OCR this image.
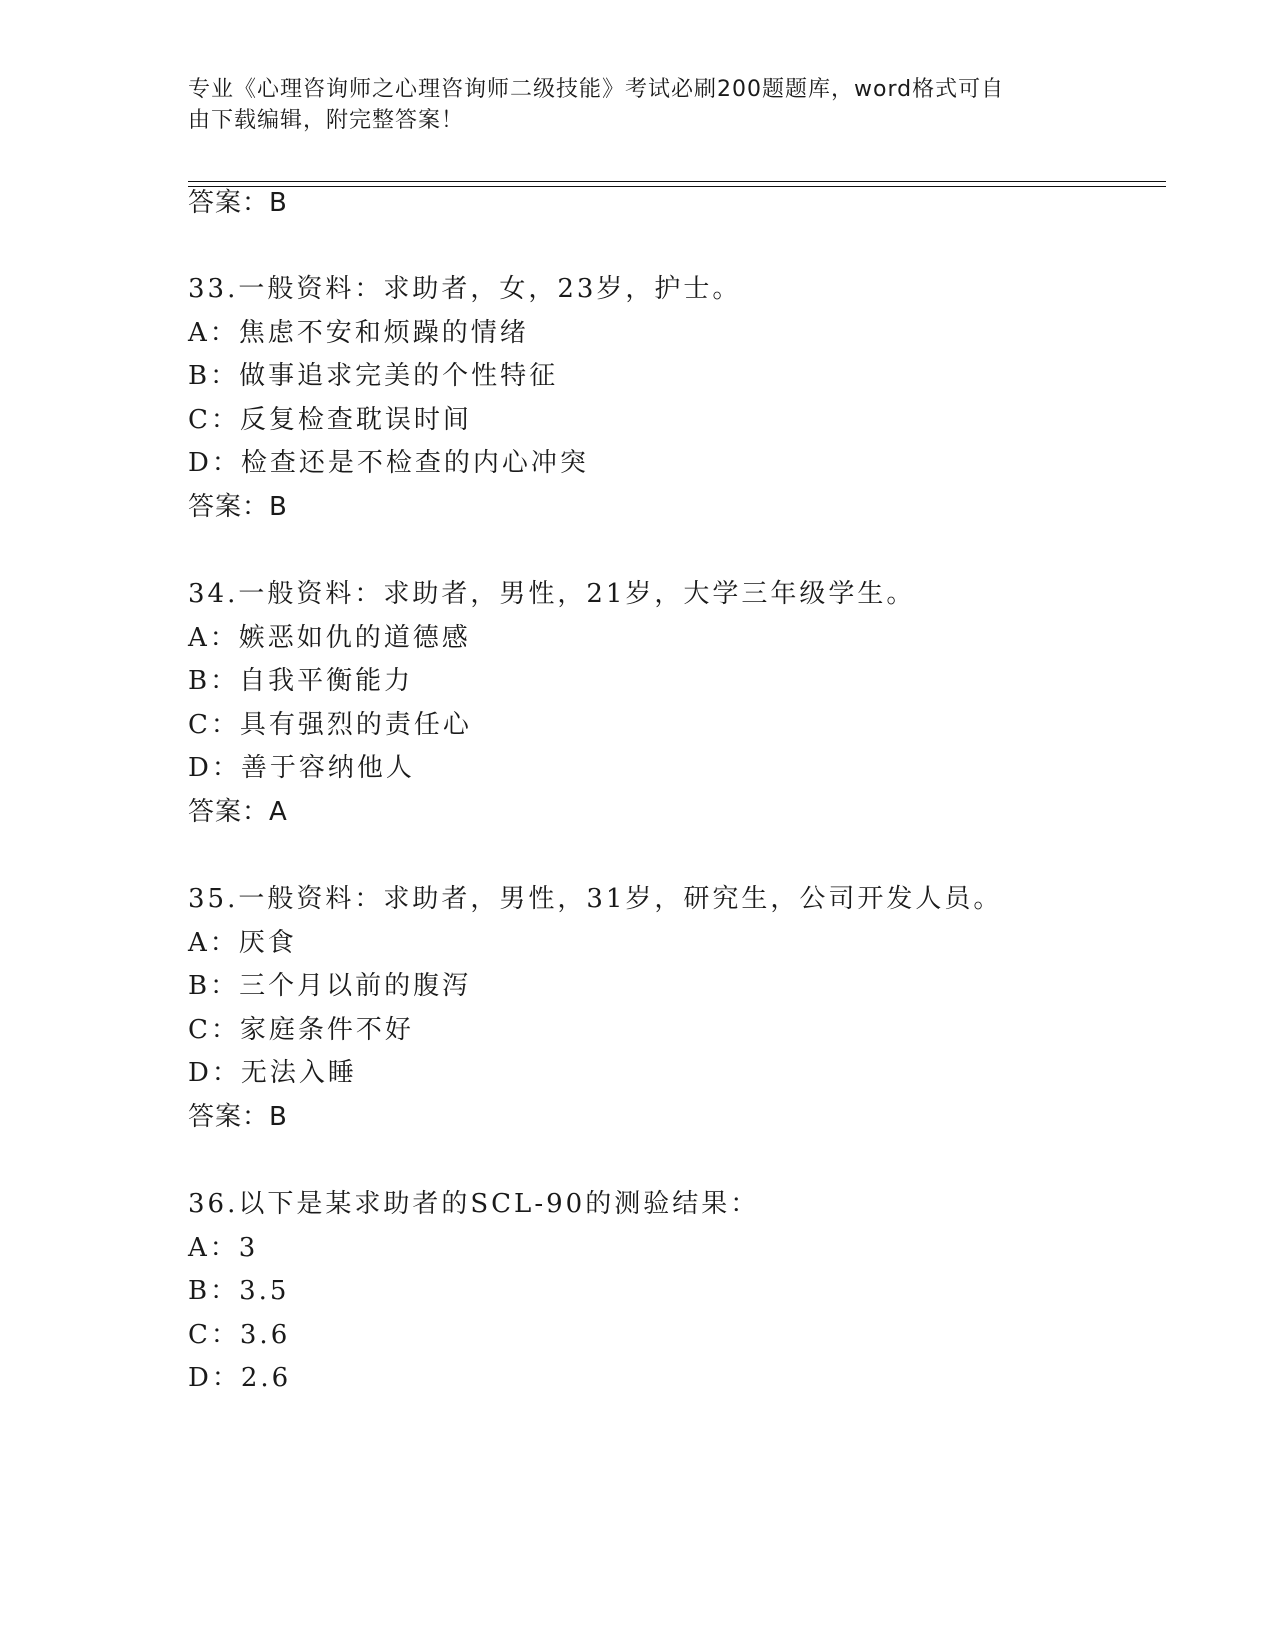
专业《心理咨询师之心理咨询师二级技能》考试必刷200题题库，word格式可自
由下载编辑，附完整答案！
答案：B
33.一般资料：求助者，女，23岁，护士。
A：焦虑不安和烦躁的情绪
B：做事追求完美的个性特征
C：反复检查耽误时间
D：检查还是不检查的内心冲突
答案：B
34.一般资料：求助者，男性，21岁，大学三年级学生。
A：嫉恶如仇的道德感
B：自我平衡能力
C：具有强烈的责任心
D：善于容纳他人
答案：A
35.一般资料：求助者，男性，31岁，研究生，公司开发人员。
A：厌食
B：三个月以前的腹泻
C：家庭条件不好
D：无法入睡
答案：B
36.以下是某求助者的SCL-90的测验结果：
A：3
B：3.5
C：3.6
D：2.6
